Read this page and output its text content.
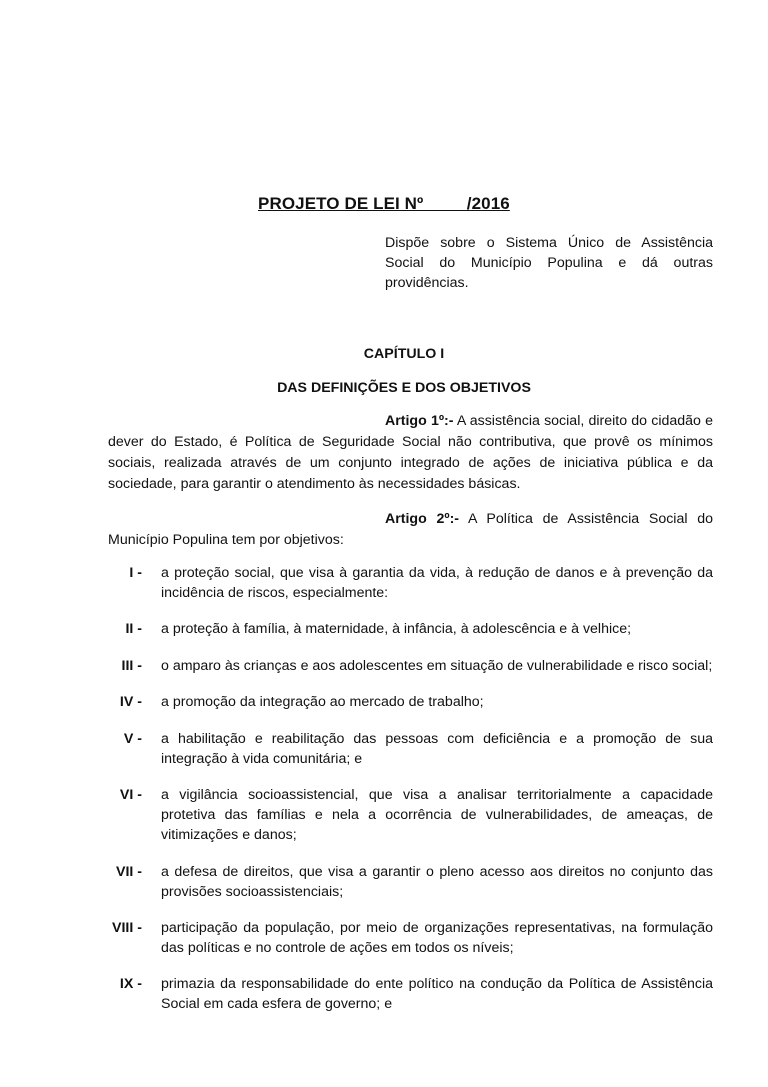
PROJETO DE LEI Nº         /2016
Dispõe sobre o Sistema Único de Assistência Social do Município Populina e dá outras providências.
CAPÍTULO I
DAS DEFINIÇÕES E DOS OBJETIVOS
Artigo 1º:- A assistência social, direito do cidadão e dever do Estado, é Política de Seguridade Social não contributiva, que provê os mínimos sociais, realizada através de um conjunto integrado de ações de iniciativa pública e da sociedade, para garantir o atendimento às necessidades básicas.
Artigo 2º:- A Política de Assistência Social do Município Populina tem por objetivos:
I - a proteção social, que visa à garantia da vida, à redução de danos e à prevenção da incidência de riscos, especialmente:
II - a proteção à família, à maternidade, à infância, à adolescência e à velhice;
III - o amparo às crianças e aos adolescentes em situação de vulnerabilidade e risco social;
IV - a promoção da integração ao mercado de trabalho;
V - a habilitação e reabilitação das pessoas com deficiência e a promoção de sua integração à vida comunitária; e
VI - a vigilância socioassistencial, que visa a analisar territorialmente a capacidade protetiva das famílias e nela a ocorrência de vulnerabilidades, de ameaças, de vitimizações e danos;
VII - a defesa de direitos, que visa a garantir o pleno acesso aos direitos no conjunto das provisões socioassistenciais;
VIII - participação da população, por meio de organizações representativas, na formulação das políticas e no controle de ações em todos os níveis;
IX - primazia da responsabilidade do ente político na condução da Política de Assistência Social em cada esfera de governo; e
